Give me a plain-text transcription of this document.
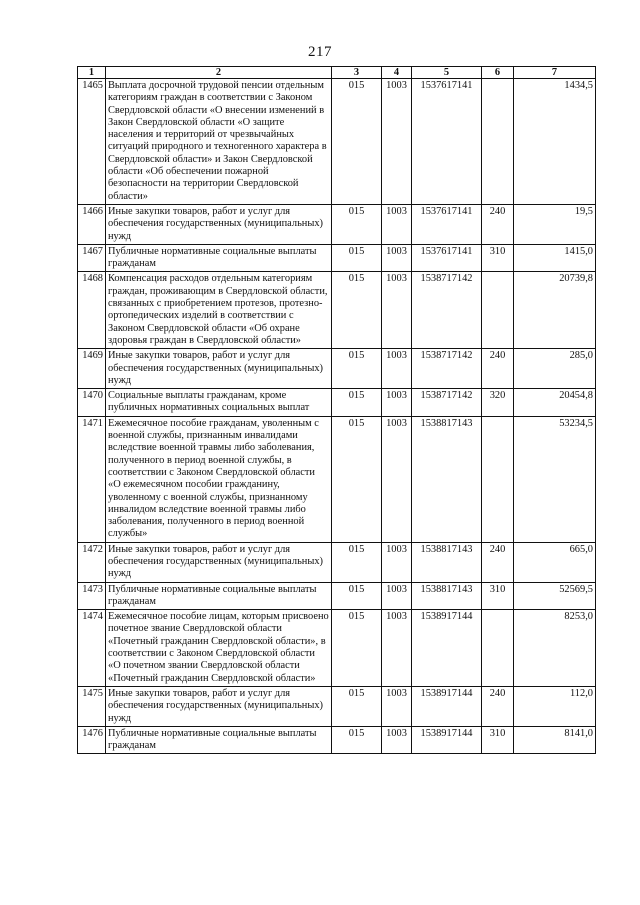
217
1	2	3	4	5	6	7
1465	Выплата досрочной трудовой пенсии отдельным категориям граждан в соответствии с Законом Свердловской области «О внесении изменений в Закон Свердловской области «О защите населения и территорий от чрезвычайных ситуаций природного и техногенного характера в Свердловской области» и Закон Свердловской области «Об обеспечении пожарной безопасности на территории Свердловской области»	015	1003	1537617141		1434,5
1466	Иные закупки товаров, работ и услуг для обеспечения государственных (муниципальных) нужд	015	1003	1537617141	240	19,5
1467	Публичные нормативные социальные выплаты гражданам	015	1003	1537617141	310	1415,0
1468	Компенсация расходов отдельным категориям граждан, проживающим в Свердловской области, связанных с приобретением протезов, протезно-ортопедических изделий в соответствии с Законом Свердловской области «Об охране здоровья граждан в Свердловской области»	015	1003	1538717142		20739,8
1469	Иные закупки товаров, работ и услуг для обеспечения государственных (муниципальных) нужд	015	1003	1538717142	240	285,0
1470	Социальные выплаты гражданам, кроме публичных нормативных социальных выплат	015	1003	1538717142	320	20454,8
1471	Ежемесячное пособие гражданам, уволенным с военной службы, признанным инвалидами вследствие военной травмы либо заболевания, полученного в период военной службы, в соответствии с Законом Свердловской области «О ежемесячном пособии гражданину, уволенному с военной службы, признанному инвалидом вследствие военной травмы либо заболевания, полученного в период военной службы»	015	1003	1538817143		53234,5
1472	Иные закупки товаров, работ и услуг для обеспечения государственных (муниципальных) нужд	015	1003	1538817143	240	665,0
1473	Публичные нормативные социальные выплаты гражданам	015	1003	1538817143	310	52569,5
1474	Ежемесячное пособие лицам, которым присвоено почетное звание Свердловской области «Почетный гражданин Свердловской области», в соответствии с Законом Свердловской области «О почетном звании Свердловской области «Почетный гражданин Свердловской области»	015	1003	1538917144		8253,0
1475	Иные закупки товаров, работ и услуг для обеспечения государственных (муниципальных) нужд	015	1003	1538917144	240	112,0
1476	Публичные нормативные социальные выплаты гражданам	015	1003	1538917144	310	8141,0
